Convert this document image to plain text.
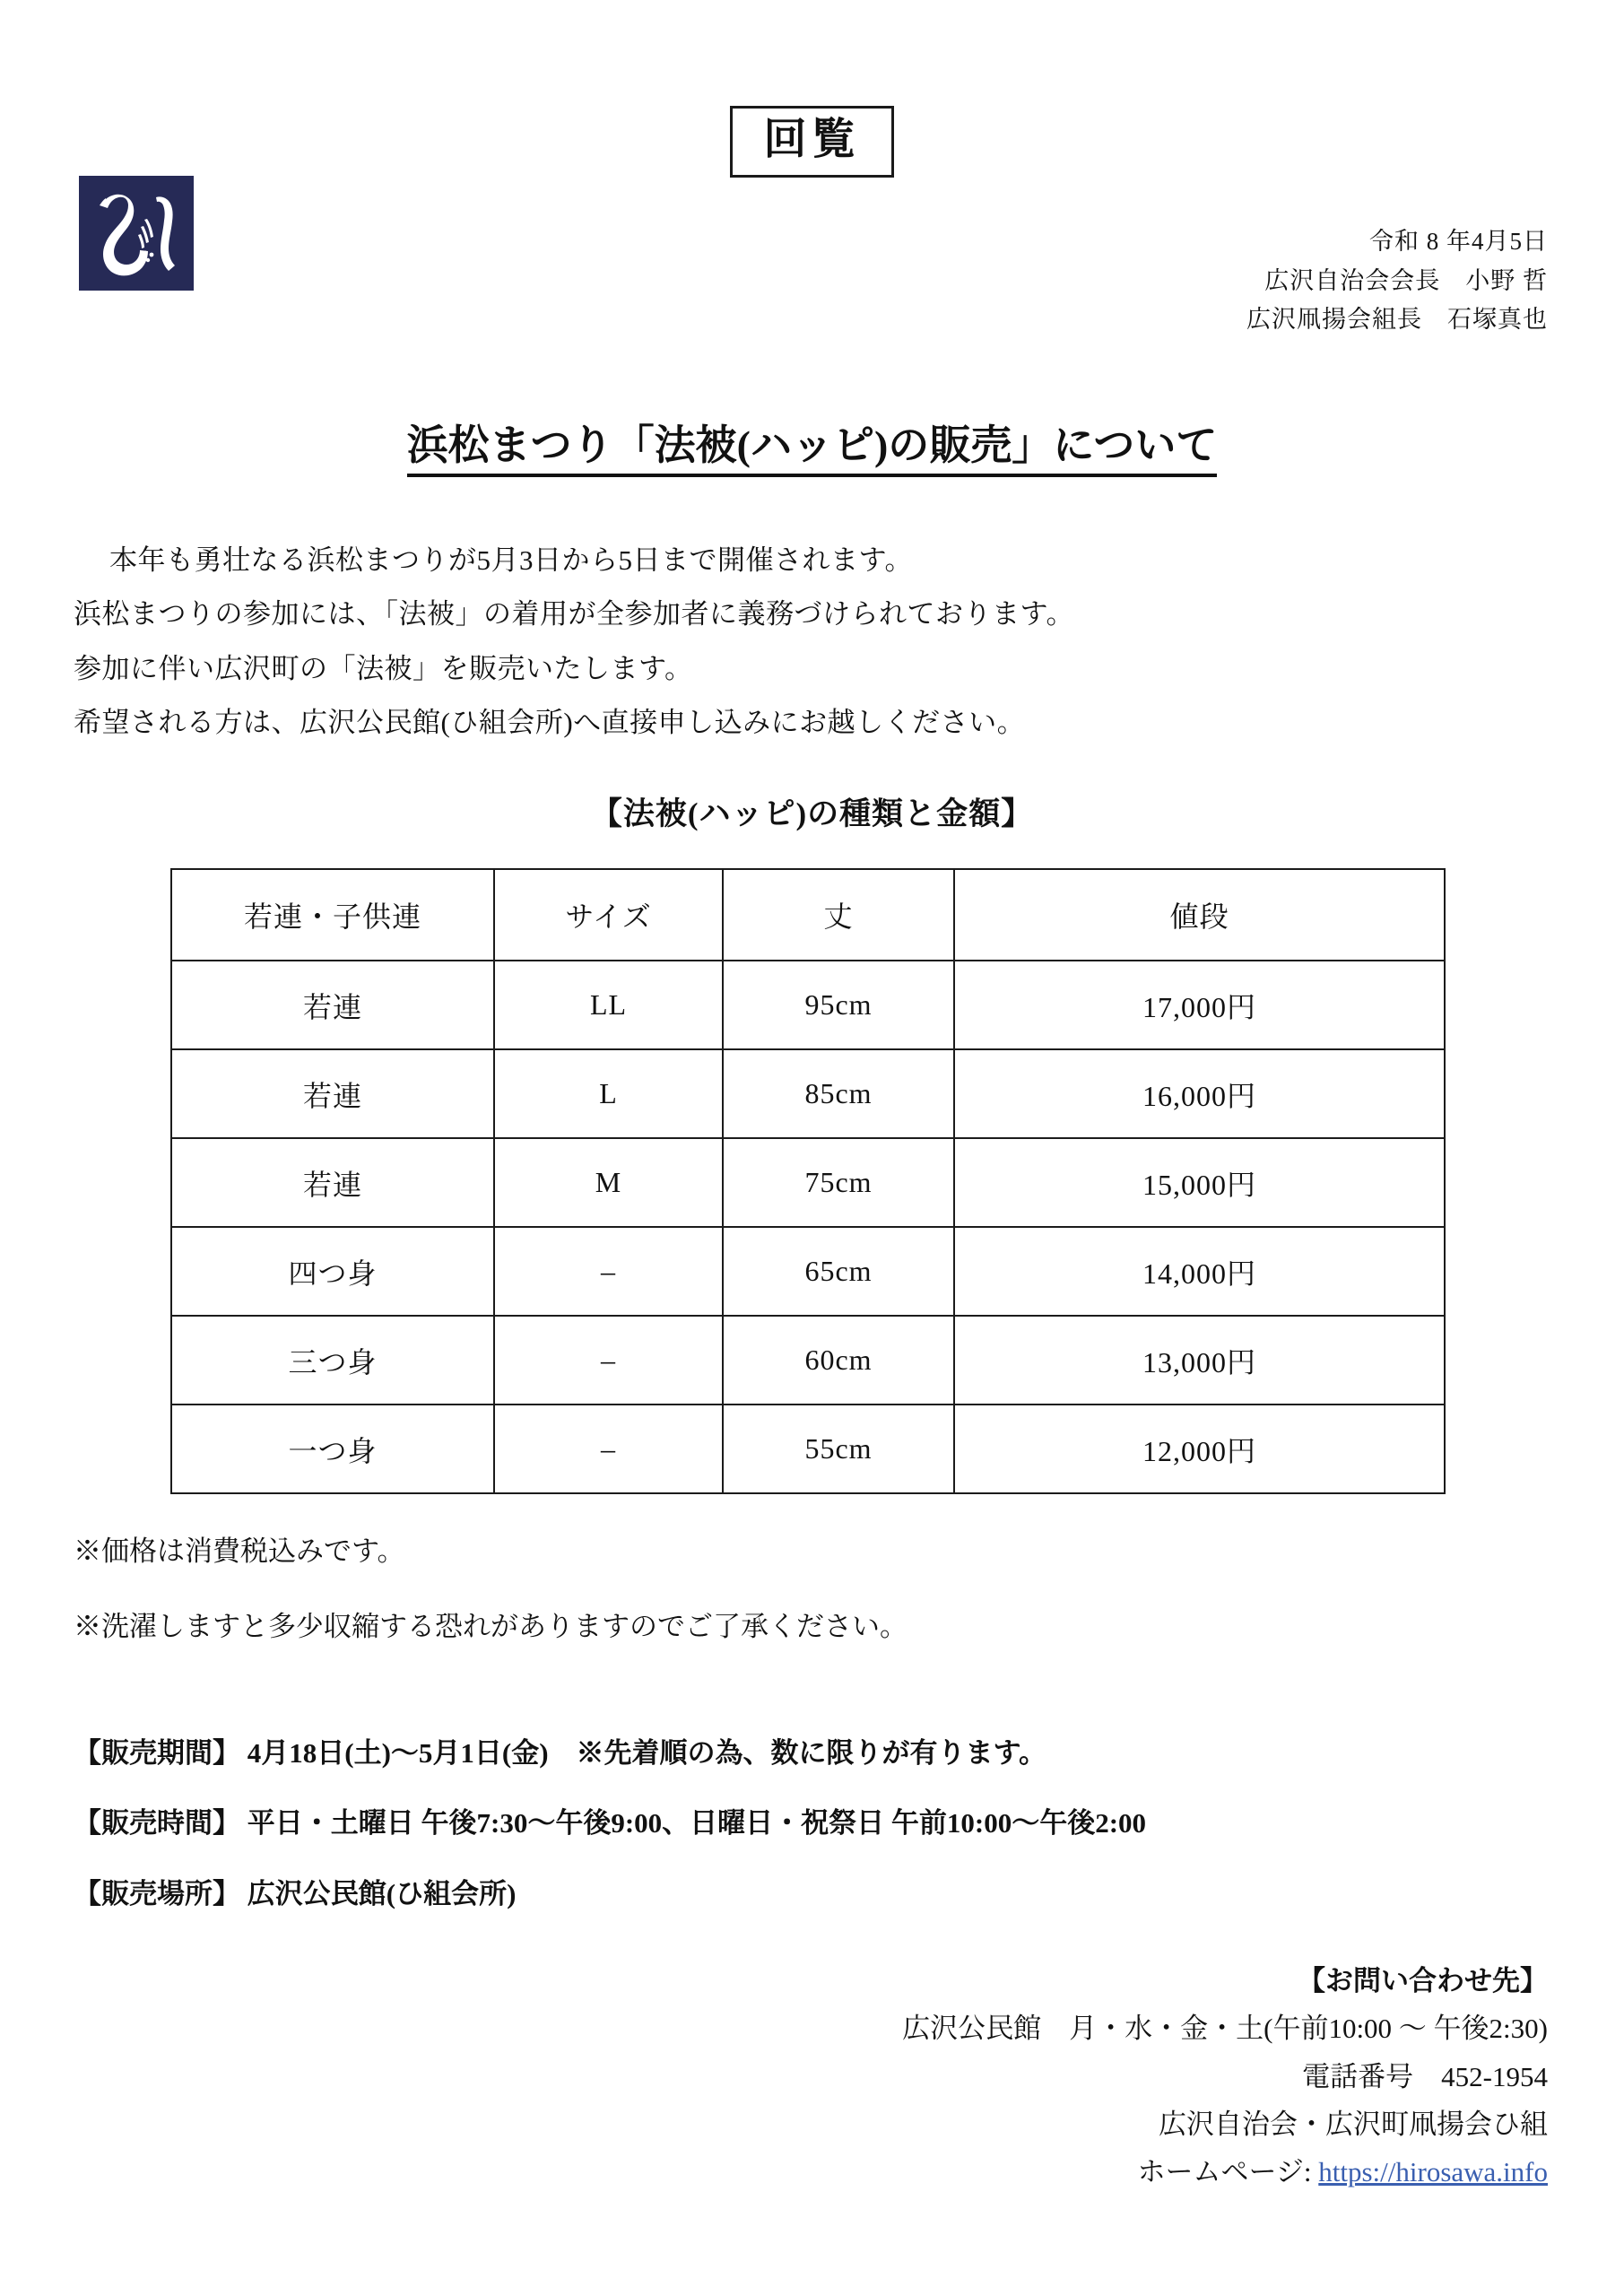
回覧
令和 8 年4月5日
広沢自治会会長　小野 哲
広沢凧揚会組長　石塚真也
浜松まつり「法被(ハッピ)の販売」について
本年も勇壮なる浜松まつりが5月3日から5日まで開催されます。
浜松まつりの参加には、「法被」の着用が全参加者に義務づけられております。
参加に伴い広沢町の「法被」を販売いたします。
希望される方は、広沢公民館(ひ組会所)へ直接申し込みにお越しください。
【法被(ハッピ)の種類と金額】
若連・子供連	サイズ	丈	値段
若連	LL	95cm	17,000円
若連	L	85cm	16,000円
若連	M	75cm	15,000円
四つ身	–	65cm	14,000円
三つ身	–	60cm	13,000円
一つ身	–	55cm	12,000円
※価格は消費税込みです。
※洗濯しますと多少収縮する恐れがありますのでご了承ください。
【販売期間】 4月18日(土)～5月1日(金)　※先着順の為、数に限りが有ります。
【販売時間】 平日・土曜日 午後7:30～午後9:00、日曜日・祝祭日 午前10:00～午後2:00
【販売場所】 広沢公民館(ひ組会所)
【お問い合わせ先】
広沢公民館　月・水・金・土(午前10:00 ～ 午後2:30)
電話番号　452-1954
広沢自治会・広沢町凧揚会ひ組
ホームページ: https://hirosawa.info
